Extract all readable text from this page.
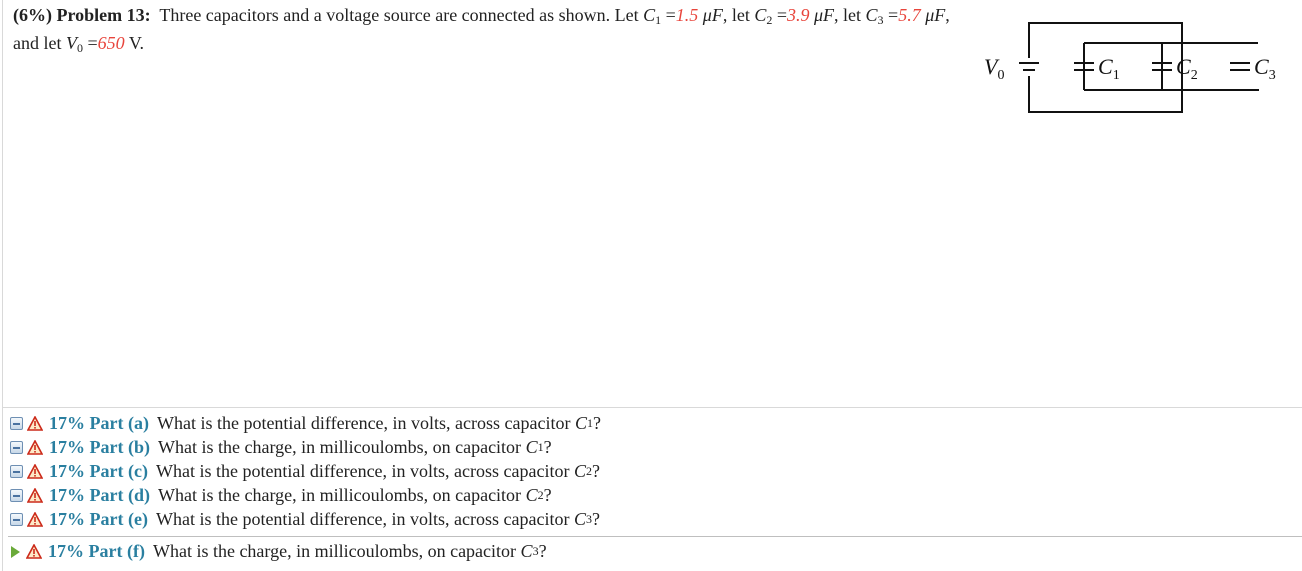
(6%) Problem 13: Three capacitors and a voltage source are connected as shown. Let $C_1 =1.5$ μF, let $C_2 =3.9$ μF, let $C_3 =5.7$ μF, and let $V_0 =650$ V.
$V_0$	$C_1$	$C_2$	$C_3$
17% Part (a) What is the potential difference, in volts, across capacitor
C 1 ?
17% Part (b) What is the charge, in millicoulombs, on capacitor
C 1 ?
17% Part (c) What is the potential difference, in volts, across capacitor
C 2 ?
17% Part (d) What is the charge, in millicoulombs, on capacitor
C 2 ?
17% Part (e) What is the potential difference, in volts, across capacitor
C 3 ?
17% Part (f) What is the charge, in millicoulombs, on capacitor
C 3 ?
